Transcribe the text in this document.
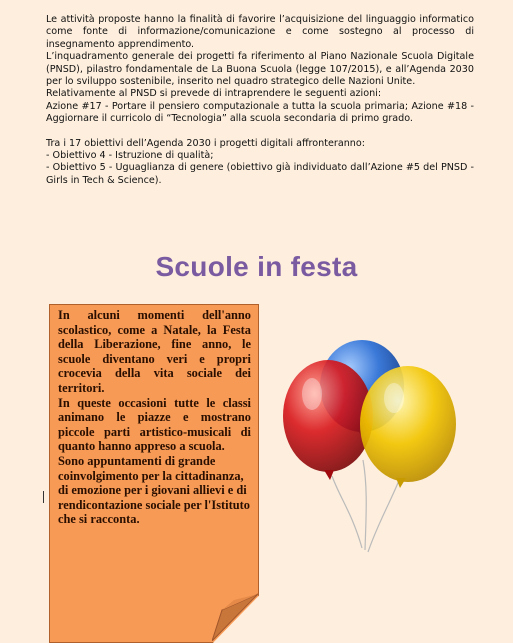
Le attività proposte hanno la finalità di favorire l’acquisizione del linguaggio informatico come fonte di informazione/comunicazione e come sostegno al processo di insegnamento apprendimento.

L’inquadramento generale dei progetti fa riferimento al Piano Nazionale Scuola Digitale (PNSD), pilastro fondamentale de La Buona Scuola (legge 107/2015), e all’Agenda 2030 per lo sviluppo sostenibile, inserito nel quadro strategico delle Nazioni Unite.

Relativamente al PNSD si prevede di intraprendere le seguenti azioni:

Azione #17 - Portare il pensiero computazionale a tutta la scuola primaria; Azione #18 - Aggiornare il curricolo di “Tecnologia” alla scuola secondaria di primo grado.

Tra i 17 obiettivi dell’Agenda 2030 i progetti digitali affronteranno:

- Obiettivo 4 - Istruzione di qualità;

- Obiettivo 5 - Uguaglianza di genere (obiettivo già individuato dall’Azione #5 del PNSD - Girls in Tech & Science).

Scuole in festa

In alcuni momenti dell'anno scolastico, come a Natale, la Festa della Liberazione, fine anno, le scuole diventano veri e propri crocevia della vita sociale dei territori.

In queste occasioni tutte le classi animano le piazze e mostrano piccole parti artistico-musicali di quanto hanno appreso a scuola.

Sono appuntamenti di grande coinvolgimento per la cittadinanza, di emozione per i giovani allievi e di rendicontazione sociale per l'Istituto che si racconta.
